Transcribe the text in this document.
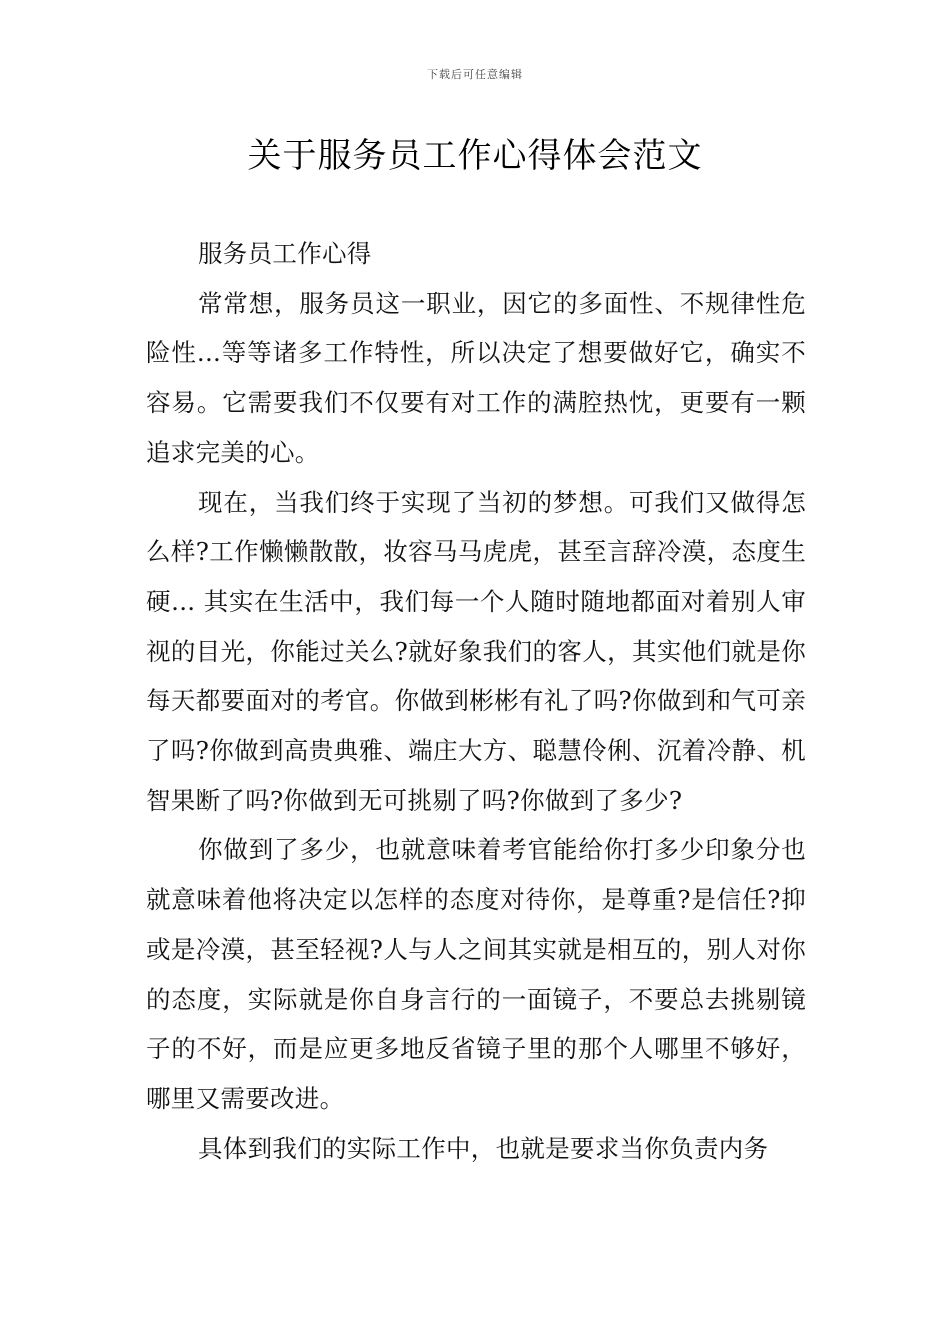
下载后可任意编辑
关于服务员工作心得体会范文

服务员工作心得

常常想，服务员这一职业，因它的多面性、不规律性危险性...等等诸多工作特性，所以决定了想要做好它，确实不容易。它需要我们不仅要有对工作的满腔热忱，更要有一颗追求完美的心。

现在，当我们终于实现了当初的梦想。可我们又做得怎么样?工作懒懒散散，妆容马马虎虎，甚至言辞冷漠，态度生硬... 其实在生活中，我们每一个人随时随地都面对着别人审视的目光，你能过关么?就好象我们的客人，其实他们就是你每天都要面对的考官。你做到彬彬有礼了吗?你做到和气可亲了吗?你做到高贵典雅、端庄大方、聪慧伶俐、沉着冷静、机智果断了吗?你做到无可挑剔了吗?你做到了多少?

你做到了多少，也就意味着考官能给你打多少印象分也就意味着他将决定以怎样的态度对待你，是尊重?是信任?抑或是冷漠，甚至轻视?人与人之间其实就是相互的，别人对你的态度，实际就是你自身言行的一面镜子，不要总去挑剔镜子的不好，而是应更多地反省镜子里的那个人哪里不够好，哪里又需要改进。

具体到我们的实际工作中，也就是要求当你负责内务
